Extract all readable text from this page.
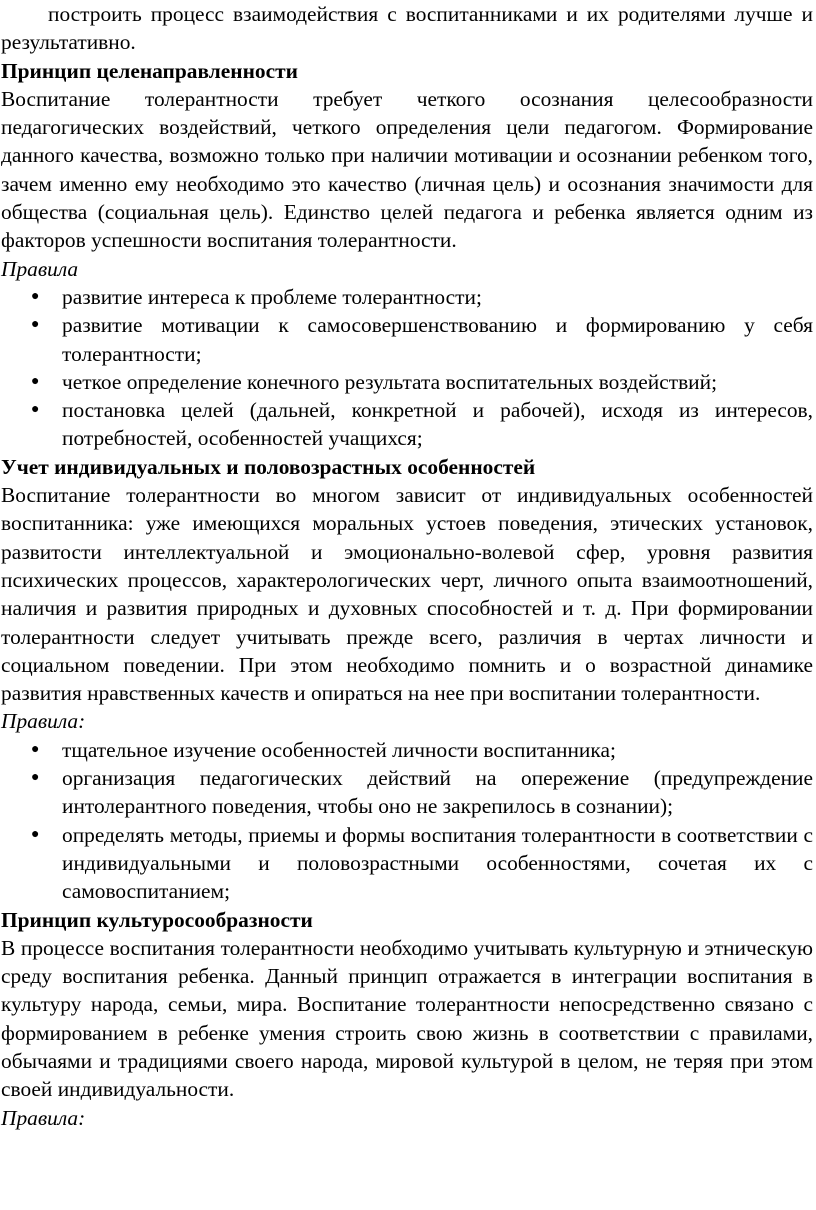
построить процесс взаимодействия с воспитанниками и их родителями лучше и результативно.

Принцип целенаправленности

Воспитание толерантности требует четкого осознания целесообразности педагогических воздействий, четкого определения цели педагогом. Формирование данного качества, возможно только при наличии мотивации и осознании ребенком того, зачем именно ему необходимо это качество (личная цель) и осознания значимости для общества (социальная цель). Единство целей педагога и ребенка является одним из факторов успешности воспитания толерантности.

Правила

● развитие интереса к проблеме толерантности;
● развитие мотивации к самосовершенствованию и формированию у себя толерантности;
● четкое определение конечного результата воспитательных воздействий;
● постановка целей (дальней, конкретной и рабочей), исходя из интересов, потребностей, особенностей учащихся;

Учет индивидуальных и половозрастных особенностей

Воспитание толерантности во многом зависит от индивидуальных особенностей воспитанника: уже имеющихся моральных устоев поведения, этических установок, развитости интеллектуальной и эмоционально-волевой сфер, уровня развития психических процессов, характерологических черт, личного опыта взаимоотношений, наличия и развития природных и духовных способностей и т. д. При формировании толерантности следует учитывать прежде всего, различия в чертах личности и социальном поведении. При этом необходимо помнить и о возрастной динамике развития нравственных качеств и опираться на нее при воспитании толерантности.

Правила:

● тщательное изучение особенностей личности воспитанника;
● организация педагогических действий на опережение (предупреждение интолерантного поведения, чтобы оно не закрепилось в сознании);
● определять методы, приемы и формы воспитания толерантности в соответствии с индивидуальными и половозрастными особенностями, сочетая их с самовоспитанием;

Принцип культуросообразности

В процессе воспитания толерантности необходимо учитывать культурную и этническую среду воспитания ребенка. Данный принцип отражается в интеграции воспитания в культуру народа, семьи, мира. Воспитание толерантности непосредственно связано с формированием в ребенке умения строить свою жизнь в соответствии с правилами, обычаями и традициями своего народа, мировой культурой в целом, не теряя при этом своей индивидуальности.

Правила:
